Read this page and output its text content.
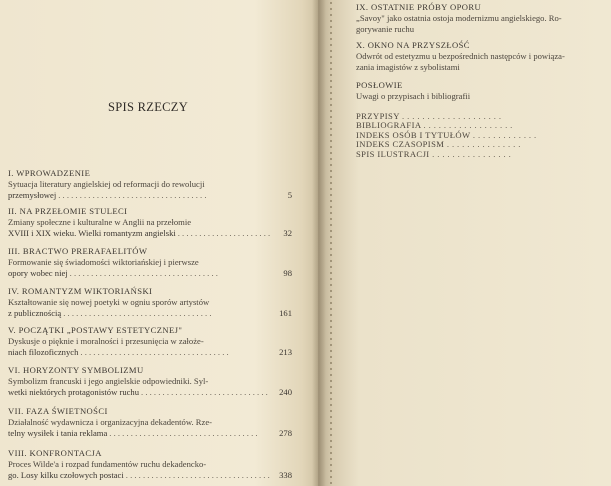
SPIS RZECZY
I. WPROWADZENIE
Sytuacja literatury angielskiej od reformacji do rewolucji
przemysłowej . . .	5
II. NA PRZEŁOMIE STULECI
Zmiany społeczne i kulturalne w Anglii na przełomie
XVIII i XIX wieku. Wielki romantyzm angielski . . .	32
III. BRACTWO PRERAFAELITÓW
Formowanie się świadomości wiktoriańskiej i pierwsze
opory wobec niej . . .	98
IV. ROMANTYZM WIKTORIAŃSKI
Kształtowanie się nowej poetyki w ogniu sporów artystów
z publicznością . . .	161
V. POCZĄTKI „POSTAWY ESTETYCZNEJ"
Dyskusje o pięknie i moralności i przesunięcia w założe-
niach filozoficznych . . .	213
VI. HORYZONTY SYMBOLIZMU
Symbolizm francuski i jego angielskie odpowiedniki. Syl-
wetki niektórych protagonistów ruchu . . .	240
VII. FAZA ŚWIETNOŚCI
Działalność wydawnicza i organizacyjna dekadentów. Rze-
telny wysiłek i tania reklama . . .	278
VIII. KONFRONTACJA
Proces Wilde'a i rozpad fundamentów ruchu dekadencko-
go. Losy kilku czołowych postaci . . .	338
IX. OSTATNIE PRÓBY OPORU
„Savoy" jako ostatnia ostoja modernizmu angielskiego. Ro-
gorywanie ruchu
X. OKNO NA PRZYSZŁOŚĆ
Odwrót od estetyzmu u bezpośrednich następców i powiąza-
zania imagistów z sybolistami
POSŁOWIE
Uwagi o przypisach i bibliografii
PRZYPISY . . . . . . . . . . . . . . . . . . . .
BIBLIOGRAFIA . . . . . . . . . . . . . . . . . .
INDEKS OSÓB I TYTUŁÓW . . . . . . . . . . . . .
INDEKS CZASOPISM . . . . . . . . . . . . . . .
SPIS ILUSTRACJI . . . . . . . . . . . . . . . .
